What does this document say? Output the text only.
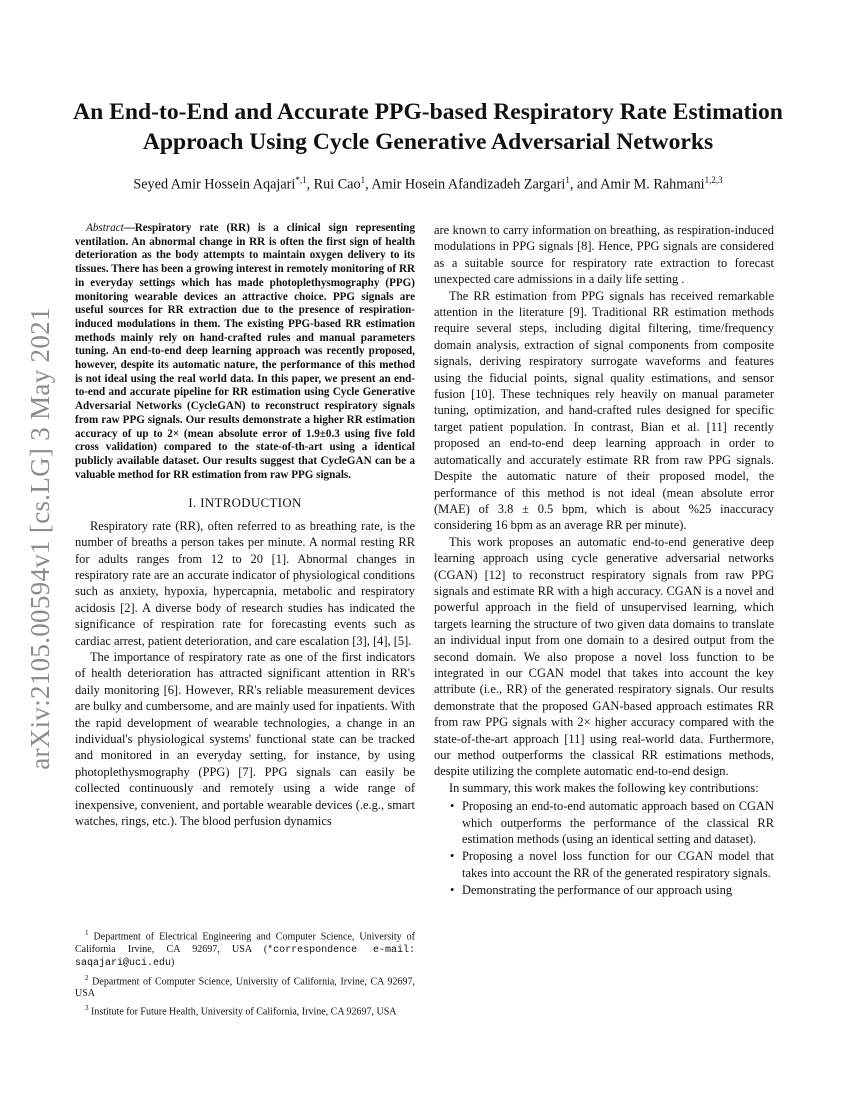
arXiv:2105.00594v1 [cs.LG] 3 May 2021
An End-to-End and Accurate PPG-based Respiratory Rate Estimation
Approach Using Cycle Generative Adversarial Networks

Seyed Amir Hossein Aqajari$^{*,1}$, Rui Cao$^1$, Amir Hosein Afandizadeh Zargari$^1$, and Amir M. Rahmani$^{1,2,3}$

Abstract—Respiratory rate (RR) is a clinical sign representing ventilation. An abnormal change in RR is often the first sign of health deterioration as the body attempts to maintain oxygen delivery to its tissues. There has been a growing interest in remotely monitoring of RR in everyday settings which has made photoplethysmography (PPG) monitoring wearable devices an attractive choice. PPG signals are useful sources for RR extraction due to the presence of respiration-induced modulations in them. The existing PPG-based RR estimation methods mainly rely on hand-crafted rules and manual parameters tuning. An end-to-end deep learning approach was recently proposed, however, despite its automatic nature, the performance of this method is not ideal using the real world data. In this paper, we present an end-to-end and accurate pipeline for RR estimation using Cycle Generative Adversarial Networks (CycleGAN) to reconstruct respiratory signals from raw PPG signals. Our results demonstrate a higher RR estimation accuracy of up to 2× (mean absolute error of 1.9±0.3 using five fold cross validation) compared to the state-of-th-art using a identical publicly available dataset. Our results suggest that CycleGAN can be a valuable method for RR estimation from raw PPG signals.

I. INTRODUCTION

Respiratory rate (RR), often referred to as breathing rate, is the number of breaths a person takes per minute. A normal resting RR for adults ranges from 12 to 20 [1]. Abnormal changes in respiratory rate are an accurate indicator of physiological conditions such as anxiety, hypoxia, hypercapnia, metabolic and respiratory acidosis [2]. A diverse body of research studies has indicated the significance of respiration rate for forecasting events such as cardiac arrest, patient deterioration, and care escalation [3], [4], [5].

The importance of respiratory rate as one of the first indicators of health deterioration has attracted significant attention in RR's daily monitoring [6]. However, RR's reliable measurement devices are bulky and cumbersome, and are mainly used for inpatients. With the rapid development of wearable technologies, a change in an individual's physiological systems' functional state can be tracked and monitored in an everyday setting, for instance, by using photoplethysmography (PPG) [7]. PPG signals can easily be collected continuously and remotely using a wide range of inexpensive, convenient, and portable wearable devices (.e.g., smart watches, rings, etc.). The blood perfusion dynamics

$^1$ Department of Electrical Engineering and Computer Science, University of California Irvine, CA 92697, USA (*correspondence e-mail: saqajari@uci.edu)

$^2$ Department of Computer Science, University of California, Irvine, CA 92697, USA

$^3$ Institute for Future Health, University of California, Irvine, CA 92697, USA

are known to carry information on breathing, as respiration-induced modulations in PPG signals [8]. Hence, PPG signals are considered as a suitable source for respiratory rate extraction to forecast unexpected care admissions in a daily life setting .

The RR estimation from PPG signals has received remarkable attention in the literature [9]. Traditional RR estimation methods require several steps, including digital filtering, time/frequency domain analysis, extraction of signal components from composite signals, deriving respiratory surrogate waveforms and features using the fiducial points, signal quality estimations, and sensor fusion [10]. These techniques rely heavily on manual parameter tuning, optimization, and hand-crafted rules designed for specific target patient population. In contrast, Bian et al. [11] recently proposed an end-to-end deep learning approach in order to automatically and accurately estimate RR from raw PPG signals. Despite the automatic nature of their proposed model, the performance of this method is not ideal (mean absolute error (MAE) of 3.8 ± 0.5 bpm, which is about %25 inaccuracy considering 16 bpm as an average RR per minute).

This work proposes an automatic end-to-end generative deep learning approach using cycle generative adversarial networks (CGAN) [12] to reconstruct respiratory signals from raw PPG signals and estimate RR with a high accuracy. CGAN is a novel and powerful approach in the field of unsupervised learning, which targets learning the structure of two given data domains to translate an individual input from one domain to a desired output from the second domain. We also propose a novel loss function to be integrated in our CGAN model that takes into account the key attribute (i.e., RR) of the generated respiratory signals. Our results demonstrate that the proposed GAN-based approach estimates RR from raw PPG signals with 2× higher accuracy compared with the state-of-the-art approach [11] using real-world data. Furthermore, our method outperforms the classical RR estimations methods, despite utilizing the complete automatic end-to-end design.

In summary, this work makes the following key contributions:

• Proposing an end-to-end automatic approach based on CGAN which outperforms the performance of the classical RR estimation methods (using an identical setting and dataset).
• Proposing a novel loss function for our CGAN model that takes into account the RR of the generated respiratory signals.
• Demonstrating the performance of our approach using
